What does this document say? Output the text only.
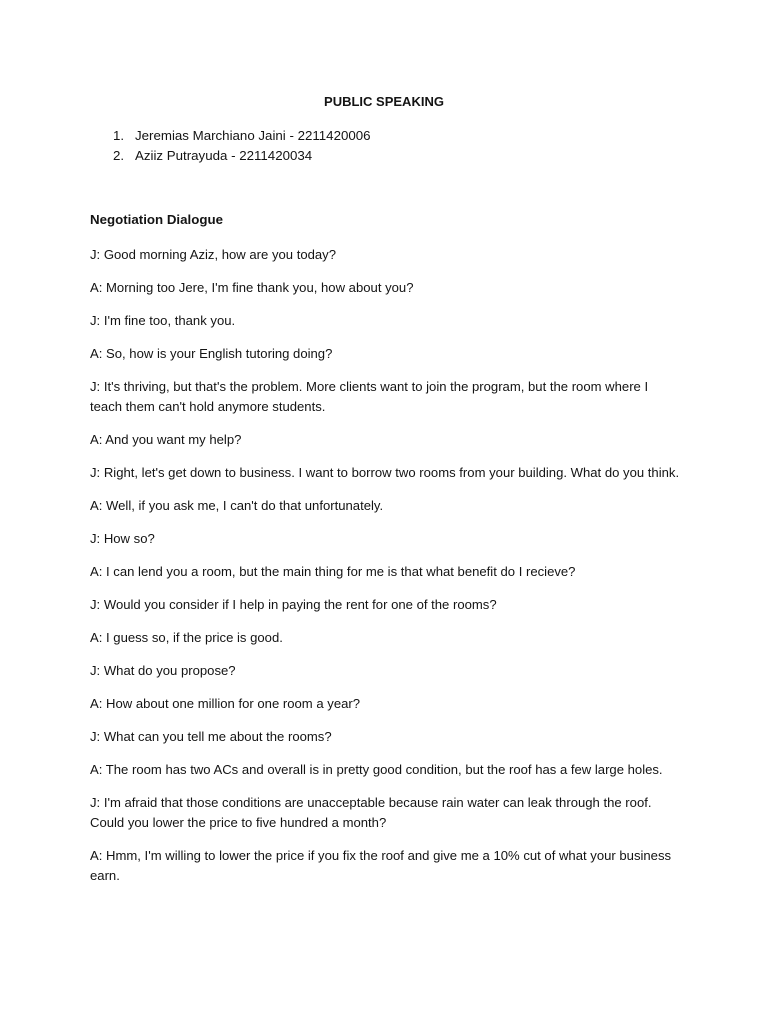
PUBLIC SPEAKING
1. Jeremias Marchiano Jaini - 2211420006
2. Aziiz Putrayuda - 2211420034
Negotiation Dialogue

J: Good morning Aziz, how are you today?

A: Morning too Jere, I'm fine thank you, how about you?

J: I'm fine too, thank you.

A: So, how is your English tutoring doing?

J: It's thriving, but that's the problem. More clients want to join the program, but the room where I teach them can't hold anymore students.

A: And you want my help?

J: Right, let's get down to business. I want to borrow two rooms from your building. What do you think.

A: Well, if you ask me, I can't do that unfortunately.

J: How so?

A: I can lend you a room, but the main thing for me is that what benefit do I recieve?

J: Would you consider if I help in paying the rent for one of the rooms?

A: I guess so, if the price is good.

J: What do you propose?

A: How about one million for one room a year?

J: What can you tell me about the rooms?

A: The room has two ACs and overall is in pretty good condition, but the roof has a few large holes.

J: I'm afraid that those conditions are unacceptable because rain water can leak through the roof. Could you lower the price to five hundred a month?

A: Hmm, I'm willing to lower the price if you fix the roof and give me a 10% cut of what your business earn.
